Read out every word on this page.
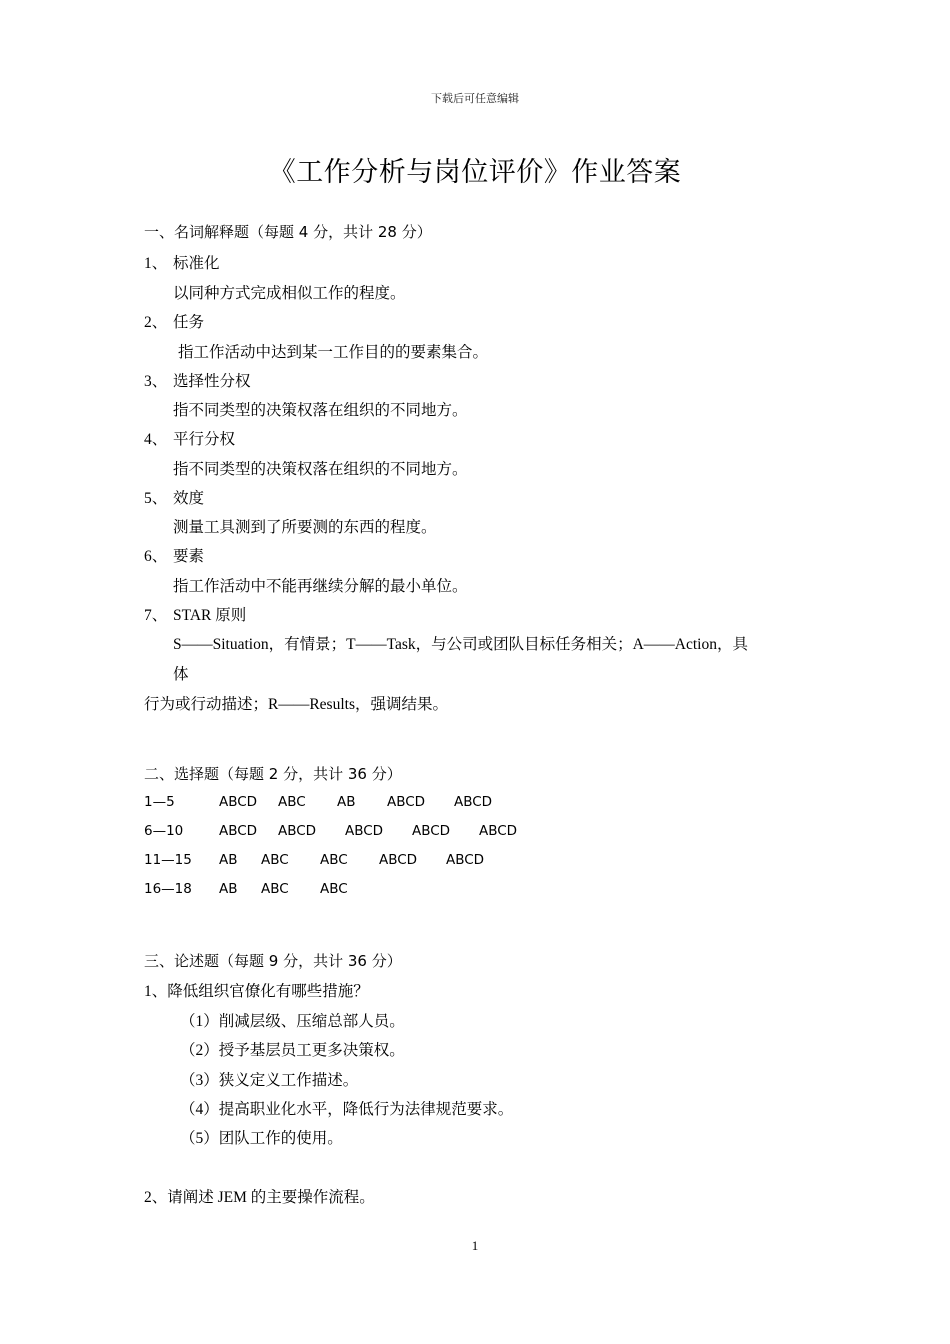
下载后可任意编辑
《工作分析与岗位评价》作业答案
一、名词解释题（每题 4 分，共计 28 分）
1、 标准化
以同种方式完成相似工作的程度。
2、 任务
指工作活动中达到某一工作目的的要素集合。
3、 选择性分权
指不同类型的决策权落在组织的不同地方。
4、 平行分权
指不同类型的决策权落在组织的不同地方。
5、 效度
测量工具测到了所要测的东西的程度。
6、 要素
指工作活动中不能再继续分解的最小单位。
7、 STAR 原则
S——Situation，有情景；T——Task，与公司或团队目标任务相关；A——Action，具
体
行为或行动描述；R——Results，强调结果。
二、选择题（每题 2 分，共计 36 分）
1—5	ABCD ABC AB ABCD ABCD
6—10	ABCD ABCD ABCD ABCD ABCD
11—15 AB ABC ABC ABCD ABCD
16—18 AB ABC ABC
三、论述题（每题 9 分，共计 36 分）
1、降低组织官僚化有哪些措施？
（1）削减层级、压缩总部人员。
（2）授予基层员工更多决策权。
（3）狭义定义工作描述。
（4）提高职业化水平，降低行为法律规范要求。
（5）团队工作的使用。
2、请阐述 JEM 的主要操作流程。
1
